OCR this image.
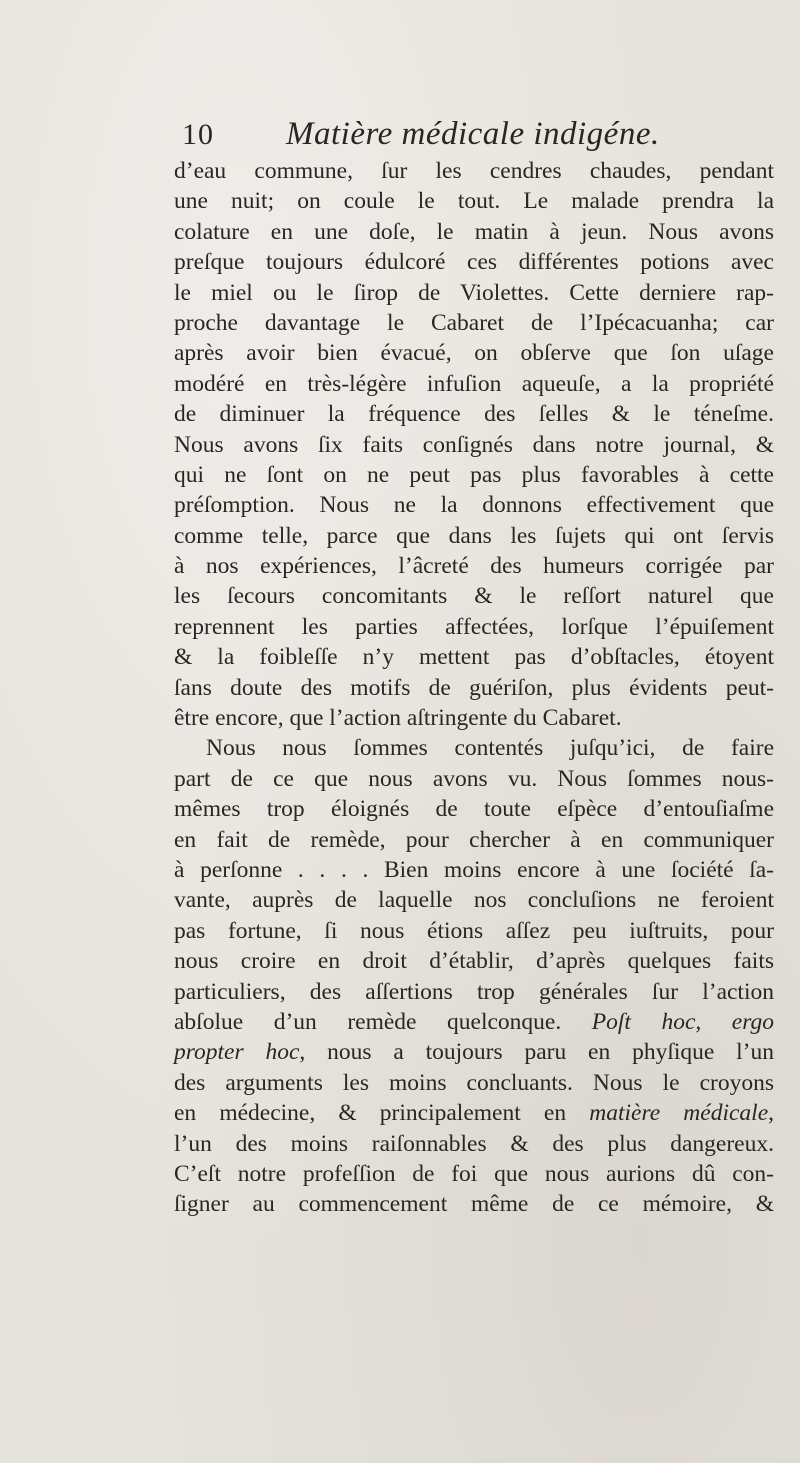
10 Matière médicale indigéne.
d’eau commune, ſur les cendres chaudes, pendant
une nuit; on coule le tout. Le malade prendra la
colature en une doſe, le matin à jeun. Nous avons
preſque toujours édulcoré ces différentes potions avec
le miel ou le ſirop de Violettes. Cette derniere rap-
proche davantage le Cabaret de l’Ipécacuanha; car
après avoir bien évacué, on obſerve que ſon uſage
modéré en très-légère infuſion aqueuſe, a la propriété
de diminuer la fréquence des ſelles & le téneſme.
Nous avons ſix faits conſignés dans notre journal, &
qui ne ſont on ne peut pas plus favorables à cette
préſomption. Nous ne la donnons effectivement que
comme telle, parce que dans les ſujets qui ont ſervis
à nos expériences, l’âcreté des humeurs corrigée par
les ſecours concomitants & le reſſort naturel que
reprennent les parties affectées, lorſque l’épuiſement
& la foibleſſe n’y mettent pas d’obſtacles, étoyent
ſans doute des motifs de guériſon, plus évidents peut-
être encore, que l’action aſtringente du Cabaret.
Nous nous ſommes contentés juſqu’ici, de faire
part de ce que nous avons vu. Nous ſommes nous-
mêmes trop éloignés de toute eſpèce d’entouſiaſme
en fait de remède, pour chercher à en communiquer
à perſonne . . . . Bien moins encore à une ſociété ſa-
vante, auprès de laquelle nos concluſions ne feroient
pas fortune, ſi nous étions aſſez peu iuſtruits, pour
nous croire en droit d’établir, d’après quelques faits
particuliers, des aſſertions trop générales ſur l’action
abſolue d’un remède quelconque. Poſt hoc, ergo
propter hoc, nous a toujours paru en phyſique l’un
des arguments les moins concluants. Nous le croyons
en médecine, & principalement en matière médicale,
l’un des moins raiſonnables & des plus dangereux.
C’eſt notre profeſſion de foi que nous aurions dû con-
ſigner au commencement même de ce mémoire, &
